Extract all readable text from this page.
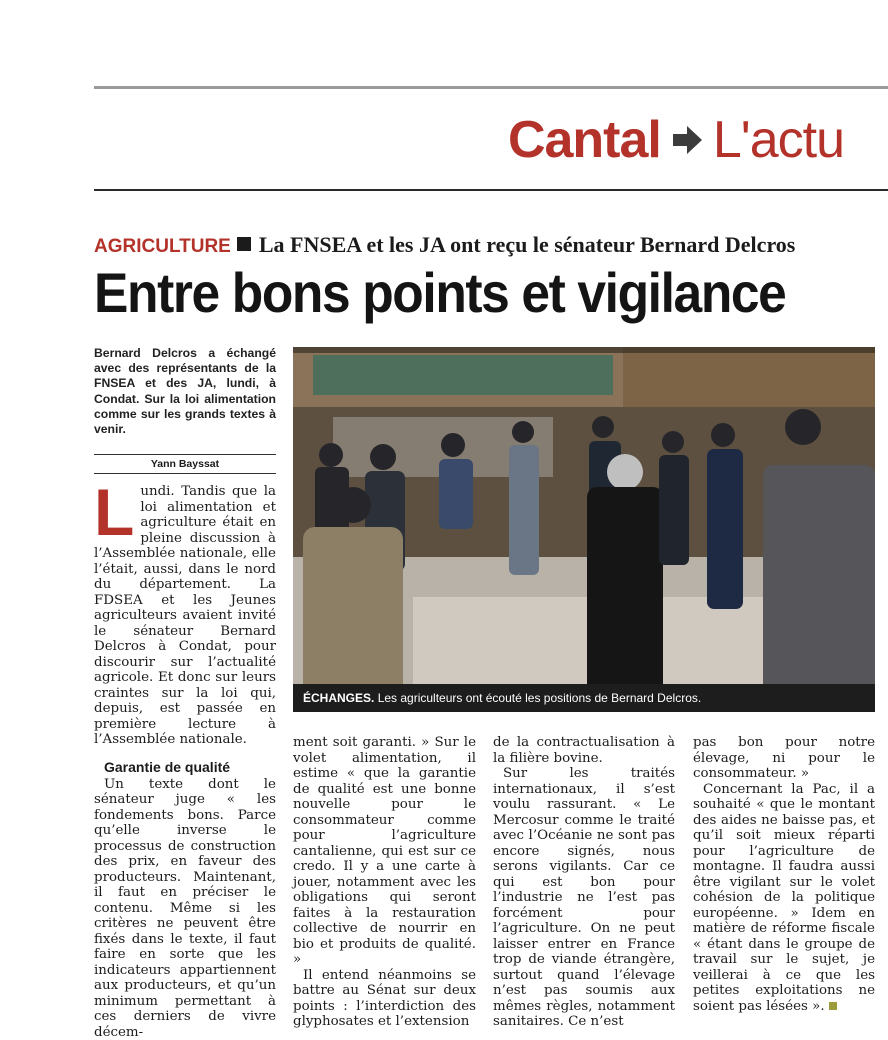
Cantal L'actu
AGRICULTURE La FNSEA et les JA ont reçu le sénateur Bernard Delcros
Entre bons points et vigilance
Bernard Delcros a échangé avec des représentants de la FNSEA et des JA, lundi, à Condat. Sur la loi alimentation comme sur les grands textes à venir.
Yann Bayssat
ÉCHANGES. Les agriculteurs ont écouté les positions de Bernard Delcros.
L undi. Tandis que la loi alimentation et agriculture était en pleine discussion à l’Assemblée nationale, elle l’était, aussi, dans le nord du département. La FDSEA et les Jeunes agriculteurs avaient invité le sénateur Bernard Delcros à Condat, pour discourir sur l’actualité agricole. Et donc sur leurs craintes sur la loi qui, depuis, est passée en première lecture à l’Assemblée nationale.

Garantie de qualité

Un texte dont le sénateur juge « les fondements bons. Parce qu’elle inverse le processus de construction des prix, en faveur des producteurs. Maintenant, il faut en préciser le contenu. Même si les critères ne peuvent être fixés dans le texte, il faut faire en sorte que les indicateurs appartiennent aux producteurs, et qu’un minimum permettant à ces derniers de vivre décem-

ment soit garanti. » Sur le volet alimentation, il estime « que la garantie de qualité est une bonne nouvelle pour le consommateur comme pour l’agriculture cantalienne, qui est sur ce credo. Il y a une carte à jouer, notamment avec les obligations qui seront faites à la restauration collective de nourrir en bio et produits de qualité. »

Il entend néanmoins se battre au Sénat sur deux points : l’interdiction des glyphosates et l’extension

de la contractualisation à la filière bovine.

Sur les traités internationaux, il s’est voulu rassurant. « Le Mercosur comme le traité avec l’Océanie ne sont pas encore signés, nous serons vigilants. Car ce qui est bon pour l’industrie ne l’est pas forcément pour l’agriculture. On ne peut laisser entrer en France trop de viande étrangère, surtout quand l’élevage n’est pas soumis aux mêmes règles, notamment sanitaires. Ce n’est

pas bon pour notre élevage, ni pour le consommateur. »

Concernant la Pac, il a souhaité « que le montant des aides ne baisse pas, et qu’il soit mieux réparti pour l’agriculture de montagne. Il faudra aussi être vigilant sur le volet cohésion de la politique européenne. » Idem en matière de réforme fiscale « étant dans le groupe de travail sur le sujet, je veillerai à ce que les petites exploitations ne soient pas lésées ».
